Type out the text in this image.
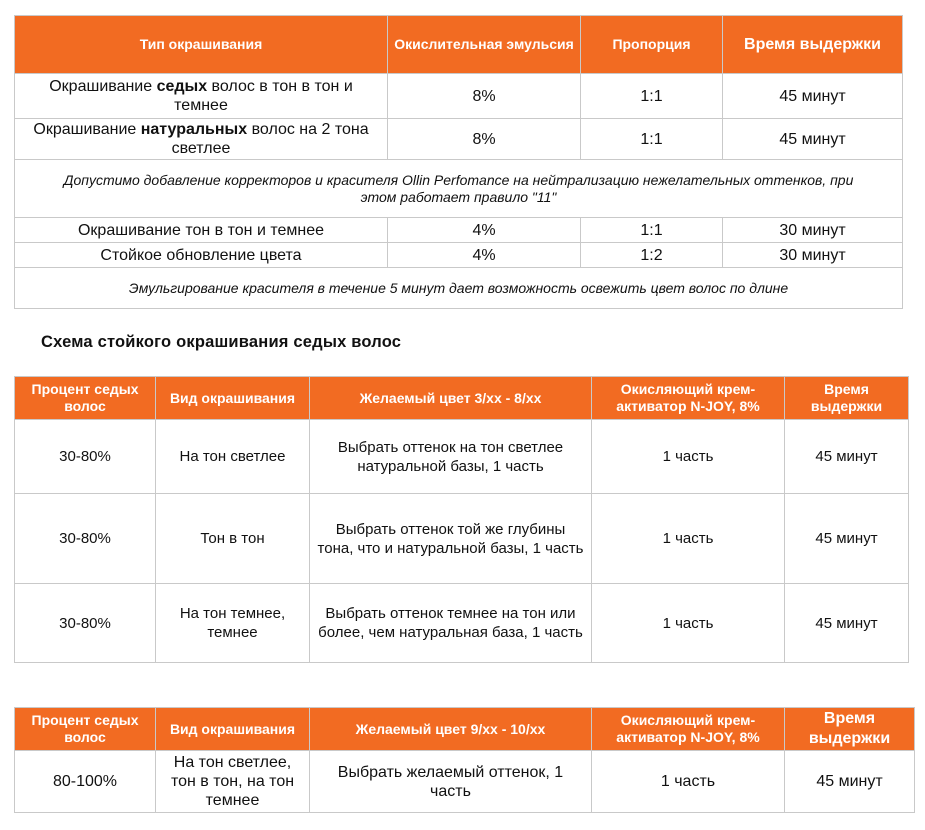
Тип окрашивания	Окислительная эмульсия	Пропорция	Время выдержки
Окрашивание седых волос в тон в тон и темнее	8%	1:1	45 минут
Окрашивание натуральных волос на 2 тона светлее	8%	1:1	45 минут
Допустимо добавление корректоров и красителя Ollin Perfomance на нейтрализацию нежелательных оттенков, при этом работает правило "11"			
Окрашивание тон в тон и темнее	4%	1:1	30 минут
Стойкое обновление цвета	4%	1:2	30 минут
Эмульгирование красителя в течение 5 минут дает возможность освежить цвет волос по длине			
Схема стойкого окрашивания седых волос
Процент седых волос	Вид окрашивания	Желаемый цвет 3/xx - 8/xx	Окисляющий крем-активатор N-JOY, 8%	Время выдержки
30-80%	На тон светлее	Выбрать оттенок на тон светлее натуральной базы, 1 часть	1 часть	45 минут
30-80%	Тон в тон	Выбрать оттенок той же глубины тона, что и натуральной базы, 1 часть	1 часть	45 минут
30-80%	На тон темнее, темнее	Выбрать оттенок темнее на тон или более, чем натуральная база, 1 часть	1 часть	45 минут
Процент седых волос	Вид окрашивания	Желаемый цвет 9/xx - 10/xx	Окисляющий крем-активатор N-JOY, 8%	Время выдержки
80-100%	На тон светлее, тон в тон, на тон темнее	Выбрать желаемый оттенок, 1 часть	1 часть	45 минут
